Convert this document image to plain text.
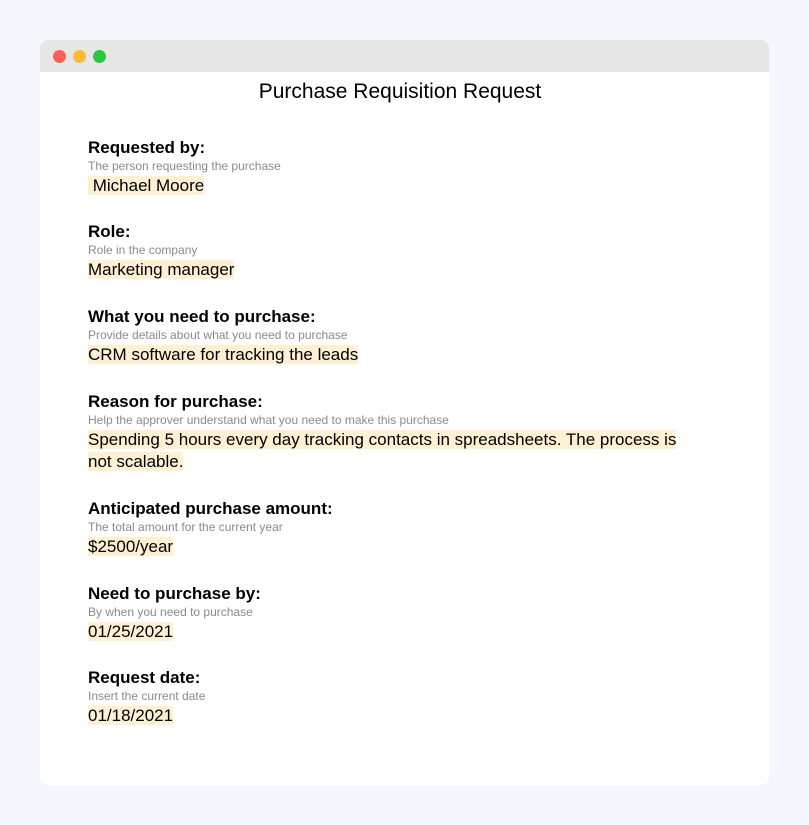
Purchase Requisition Request
Requested by:
The person requesting the purchase
Michael Moore
Role:
Role in the company
Marketing manager
What you need to purchase:
Provide details about what you need to purchase
CRM software for tracking the leads
Reason for purchase:
Help the approver understand what you need to make this purchase
Spending 5 hours every day tracking contacts in spreadsheets. The process is not scalable.
Anticipated purchase amount:
The total amount for the current year
$2500/year
Need to purchase by:
By when you need to purchase
01/25/2021
Request date:
Insert the current date
01/18/2021
